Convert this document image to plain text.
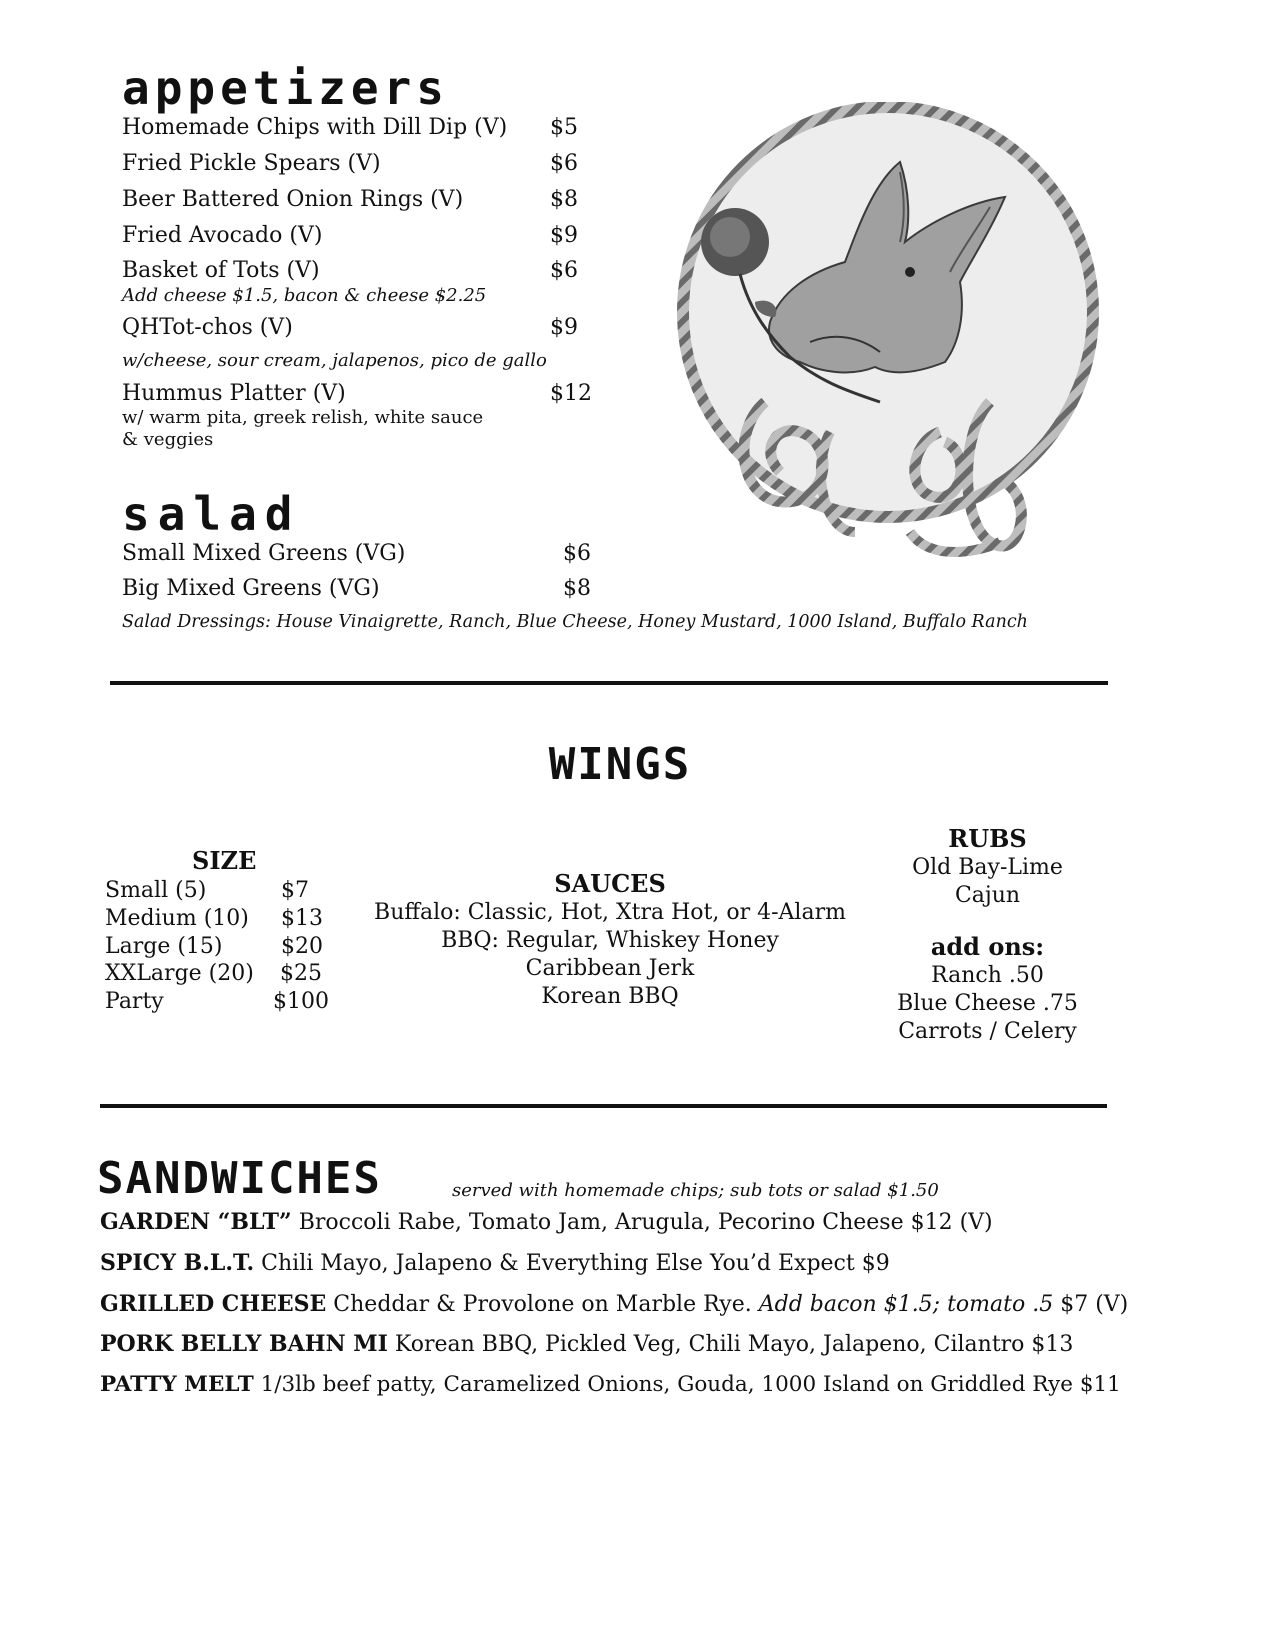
appetizers
Homemade Chips with Dill Dip (V) $5
Fried Pickle Spears (V)	$6
Beer Battered Onion Rings (V)	$8
Fried Avocado (V)	$9
Basket of Tots (V)	$6
Add cheese $1.5, bacon & cheese $2.25
QHTot-chos (V)	$9
w/cheese, sour cream, jalapenos, pico de gallo
Hummus Platter (V)	$12
w/ warm pita, greek relish, white sauce
& veggies
salad
Small Mixed Greens (VG)	$6
Big Mixed Greens (VG)	$8
Salad Dressings: House Vinaigrette, Ranch, Blue Cheese, Honey Mustard, 1000 Island, Buffalo Ranch
WINGS
SIZE
Small (5)	$7
Medium (10) $13
Large (15)	$20
XXLarge (20) $25
Party	$100
SAUCES
Buffalo: Classic, Hot, Xtra Hot, or 4-Alarm
BBQ: Regular, Whiskey Honey
Caribbean Jerk
Korean BBQ
RUBS
Old Bay-Lime
Cajun
add ons:
Ranch .50
Blue Cheese .75
Carrots / Celery
SANDWICHES	served with homemade chips; sub tots or salad $1.50
GARDEN “BLT” Broccoli Rabe, Tomato Jam, Arugula, Pecorino Cheese $12 (V)
SPICY B.L.T. Chili Mayo, Jalapeno & Everything Else You’d Expect $9
GRILLED CHEESE Cheddar & Provolone on Marble Rye. Add bacon $1.5; tomato .5 $7 (V)
PORK BELLY BAHN MI Korean BBQ, Pickled Veg, Chili Mayo, Jalapeno, Cilantro $13
PATTY MELT 1/3lb beef patty, Caramelized Onions, Gouda, 1000 Island on Griddled Rye $11
